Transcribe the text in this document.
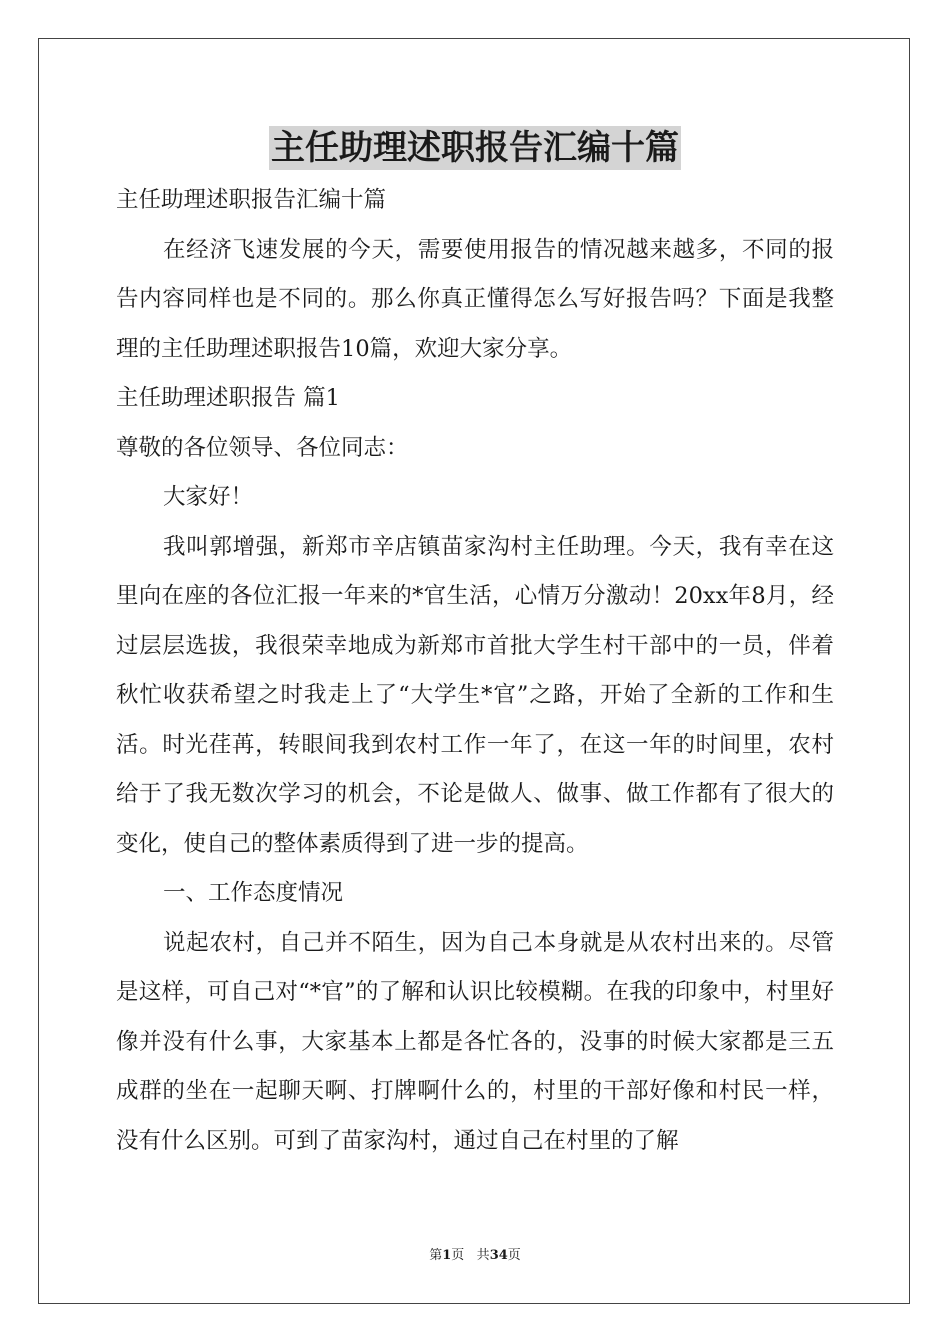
主任助理述职报告汇编十篇

主任助理述职报告汇编十篇

在经济飞速发展的今天，需要使用报告的情况越来越多，不同的报告内容同样也是不同的。那么你真正懂得怎么写好报告吗？下面是我整理的主任助理述职报告10篇，欢迎大家分享。

主任助理述职报告 篇1

尊敬的各位领导、各位同志：

大家好！

我叫郭增强，新郑市辛店镇苗家沟村主任助理。今天，我有幸在这里向在座的各位汇报一年来的*官生活，心情万分激动！20xx年8月，经过层层选拔，我很荣幸地成为新郑市首批大学生村干部中的一员，伴着秋忙收获希望之时我走上了“大学生*官”之路，开始了全新的工作和生活。时光荏苒，转眼间我到农村工作一年了，在这一年的时间里，农村给于了我无数次学习的机会，不论是做人、做事、做工作都有了很大的变化，使自己的整体素质得到了进一步的提高。

一、工作态度情况

说起农村，自己并不陌生，因为自己本身就是从农村出来的。尽管是这样，可自己对“*官”的了解和认识比较模糊。在我的印象中，村里好像并没有什么事，大家基本上都是各忙各的，没事的时候大家都是三五成群的坐在一起聊天啊、打牌啊什么的，村里的干部好像和村民一样，没有什么区别。可到了苗家沟村，通过自己在村里的了解

第1页 共34页
